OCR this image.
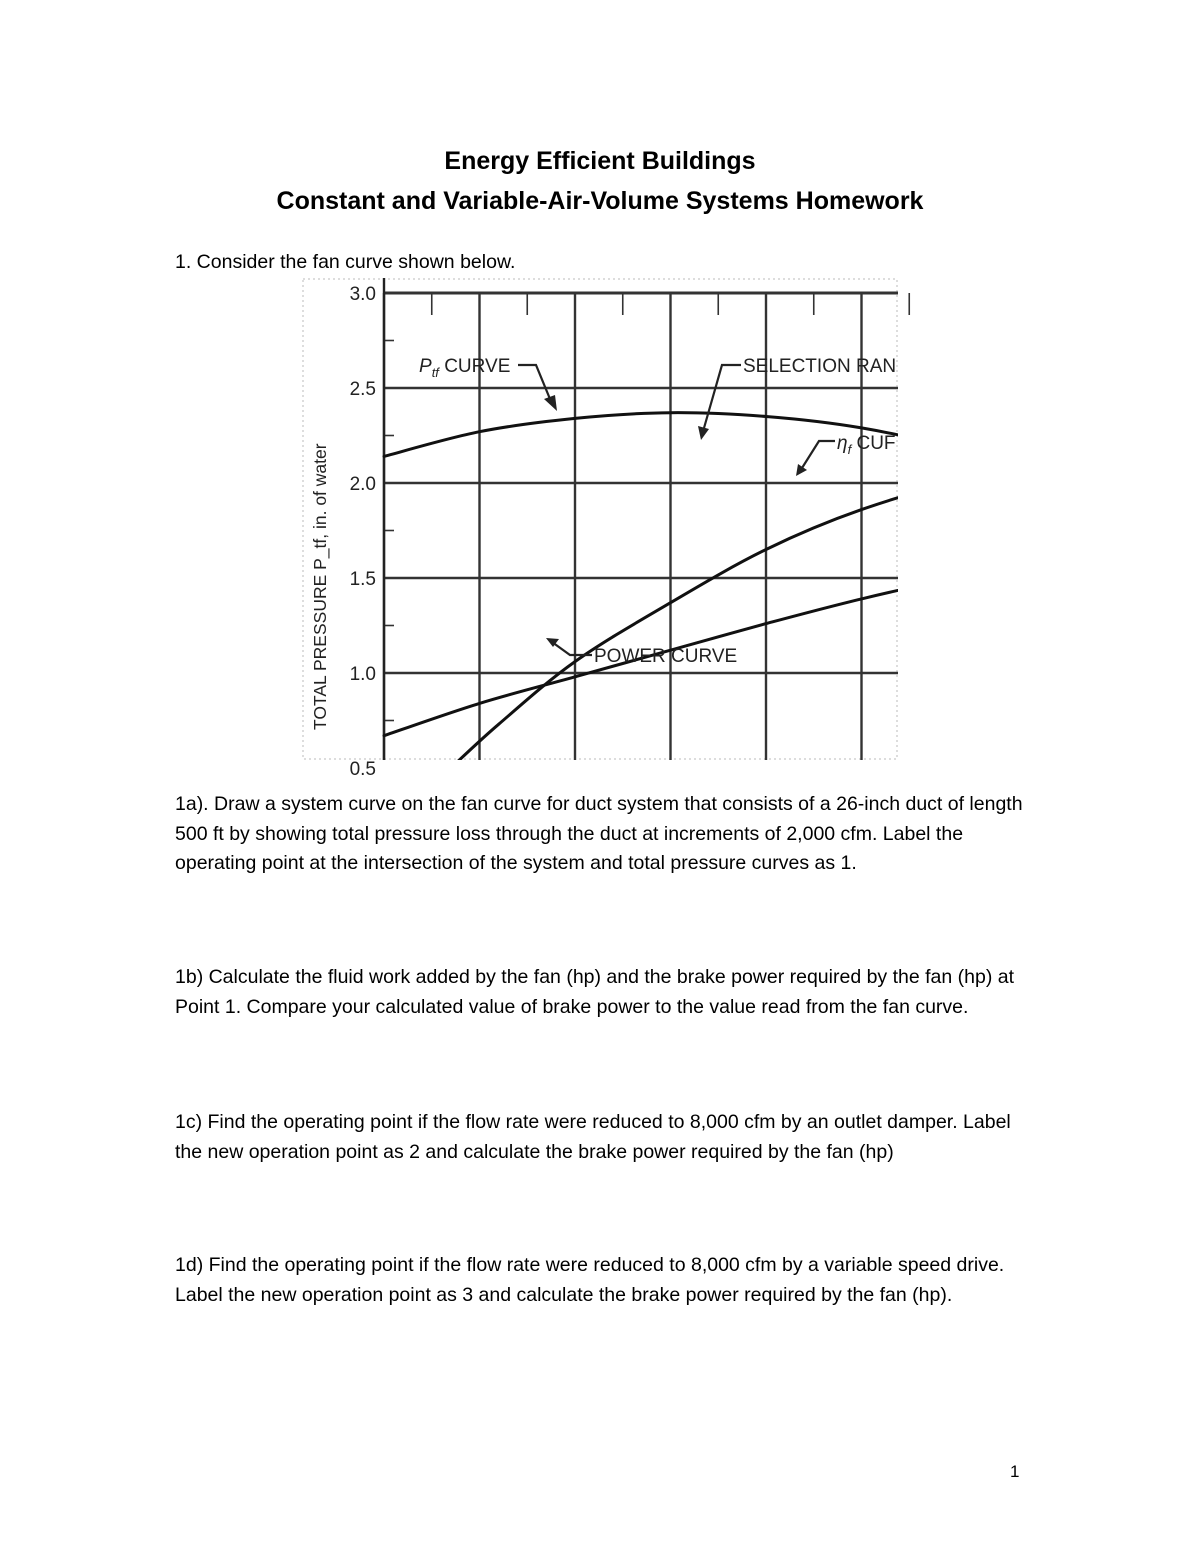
Energy Efficient Buildings
Constant and Variable-Air-Volume Systems Homework

1. Consider the fan curve shown below.

3.0
2.5
2.0
1.5
1.0
0.5
$P_{tf}$ CURVE	SELECTION RAN
$\eta_f$ CUF
POWER CURVE
TOTAL PRESSURE P_tf, in. of water

1a). Draw a system curve on the fan curve for duct system that consists of a 26-inch duct of length 500 ft by showing total pressure loss through the duct at increments of 2,000 cfm. Label the operating point at the intersection of the system and total pressure curves as 1.

1b) Calculate the fluid work added by the fan (hp) and the brake power required by the fan (hp) at Point 1. Compare your calculated value of brake power to the value read from the fan curve.

1c) Find the operating point if the flow rate were reduced to 8,000 cfm by an outlet damper. Label the new operation point as 2 and calculate the brake power required by the fan (hp)

1d) Find the operating point if the flow rate were reduced to 8,000 cfm by a variable speed drive. Label the new operation point as 3 and calculate the brake power required by the fan (hp).

1
